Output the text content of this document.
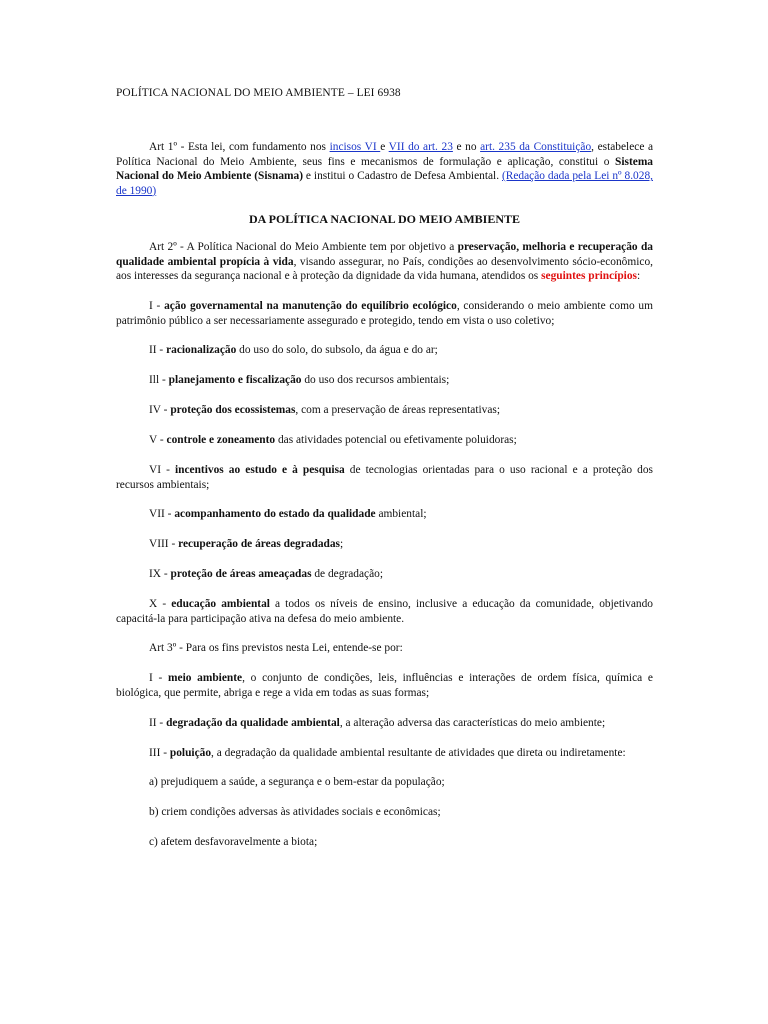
POLÍTICA NACIONAL DO MEIO AMBIENTE – LEI 6938

Art 1º - Esta lei, com fundamento nos incisos VI e VII do art. 23 e no art. 235 da Constituição, estabelece a Política Nacional do Meio Ambiente, seus fins e mecanismos de formulação e aplicação, constitui o Sistema Nacional do Meio Ambiente (Sisnama) e institui o Cadastro de Defesa Ambiental. (Redação dada pela Lei nº 8.028, de 1990)

DA POLÍTICA NACIONAL DO MEIO AMBIENTE

Art 2º - A Política Nacional do Meio Ambiente tem por objetivo a preservação, melhoria e recuperação da qualidade ambiental propícia à vida, visando assegurar, no País, condições ao desenvolvimento sócio-econômico, aos interesses da segurança nacional e à proteção da dignidade da vida humana, atendidos os seguintes princípios:

I - ação governamental na manutenção do equilíbrio ecológico, considerando o meio ambiente como um patrimônio público a ser necessariamente assegurado e protegido, tendo em vista o uso coletivo;

II - racionalização do uso do solo, do subsolo, da água e do ar;

Ill - planejamento e fiscalização do uso dos recursos ambientais;

IV - proteção dos ecossistemas, com a preservação de áreas representativas;

V - controle e zoneamento das atividades potencial ou efetivamente poluidoras;

VI - incentivos ao estudo e à pesquisa de tecnologias orientadas para o uso racional e a proteção dos recursos ambientais;

VII - acompanhamento do estado da qualidade ambiental;

VIII - recuperação de áreas degradadas;

IX - proteção de áreas ameaçadas de degradação;

X - educação ambiental a todos os níveis de ensino, inclusive a educação da comunidade, objetivando capacitá-la para participação ativa na defesa do meio ambiente.

Art 3º - Para os fins previstos nesta Lei, entende-se por:

I - meio ambiente, o conjunto de condições, leis, influências e interações de ordem física, química e biológica, que permite, abriga e rege a vida em todas as suas formas;

II - degradação da qualidade ambiental, a alteração adversa das características do meio ambiente;

III - poluição, a degradação da qualidade ambiental resultante de atividades que direta ou indiretamente:

a) prejudiquem a saúde, a segurança e o bem-estar da população;

b) criem condições adversas às atividades sociais e econômicas;

c) afetem desfavoravelmente a biota;
